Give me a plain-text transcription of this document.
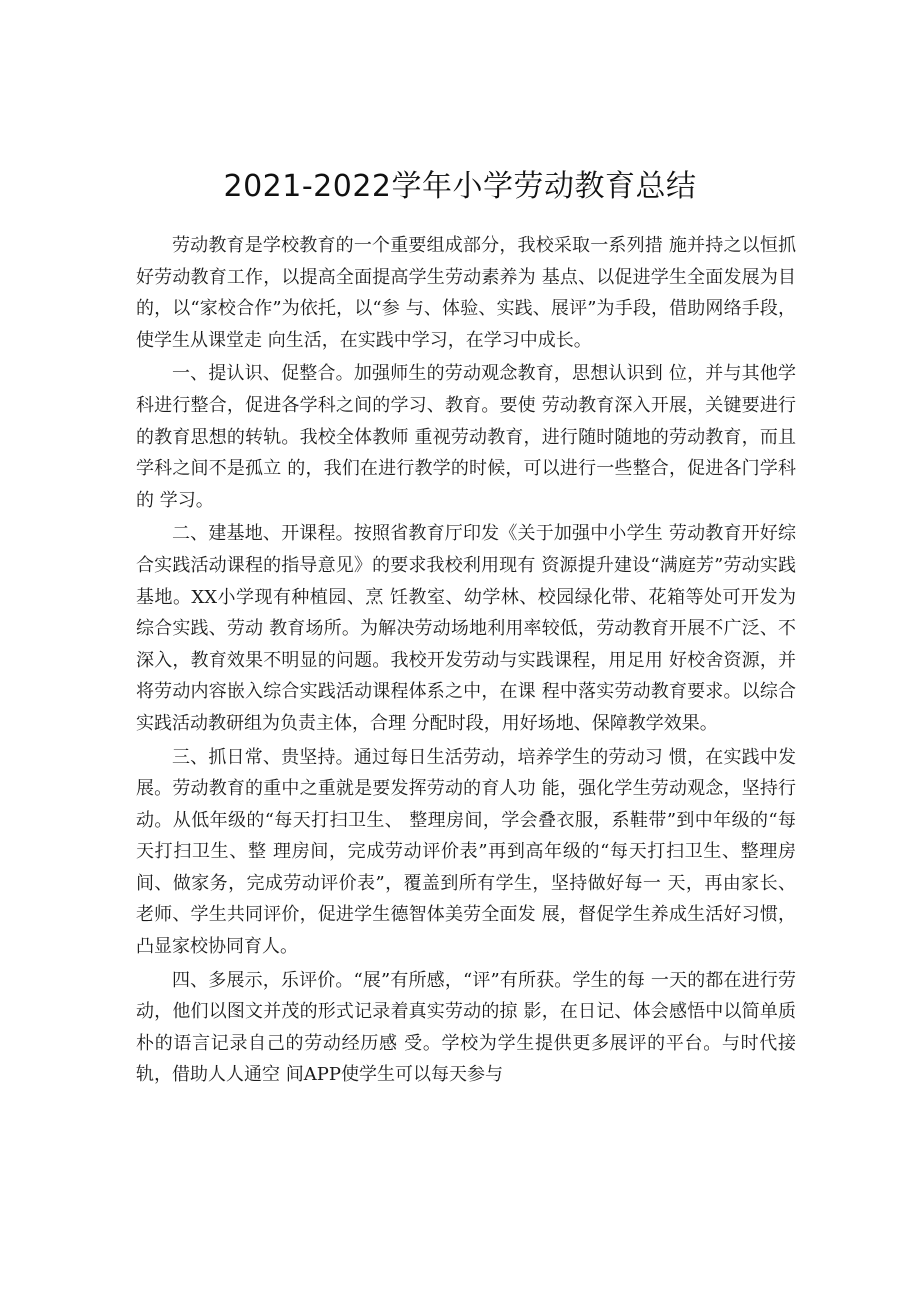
2021-2022学年小学劳动教育总结

劳动教育是学校教育的一个重要组成部分，我校采取一系列措 施并持之以恒抓好劳动教育工作，以提高全面提高学生劳动素养为 基点、以促进学生全面发展为目的，以“家校合作”为依托，以“参 与、体验、实践、展评”为手段，借助网络手段，使学生从课堂走 向生活，在实践中学习，在学习中成长。

一、提认识、促整合。加强师生的劳动观念教育，思想认识到 位，并与其他学科进行整合，促进各学科之间的学习、教育。要使 劳动教育深入开展，关键要进行的教育思想的转轨。我校全体教师 重视劳动教育，进行随时随地的劳动教育，而且学科之间不是孤立 的，我们在进行教学的时候，可以进行一些整合，促进各门学科的 学习。

二、建基地、开课程。按照省教育厅印发《关于加强中小学生 劳动教育开好综合实践活动课程的指导意见》的要求我校利用现有 资源提升建设“满庭芳”劳动实践基地。XX小学现有种植园、烹 饪教室、幼学林、校园绿化带、花箱等处可开发为综合实践、劳动 教育场所。为解决劳动场地利用率较低，劳动教育开展不广泛、不 深入，教育效果不明显的问题。我校开发劳动与实践课程，用足用 好校舍资源，并将劳动内容嵌入综合实践活动课程体系之中，在课 程中落实劳动教育要求。以综合实践活动教研组为负责主体，合理 分配时段，用好场地、保障教学效果。

三、抓日常、贵坚持。通过每日生活劳动，培养学生的劳动习 惯，在实践中发展。劳动教育的重中之重就是要发挥劳动的育人功 能，强化学生劳动观念，坚持行动。从低年级的“每天打扫卫生、 整理房间，学会叠衣服，系鞋带”到中年级的“每天打扫卫生、整 理房间，完成劳动评价表”再到高年级的“每天打扫卫生、整理房 间、做家务，完成劳动评价表”，覆盖到所有学生，坚持做好每一 天，再由家长、老师、学生共同评价，促进学生德智体美劳全面发 展，督促学生养成生活好习惯，凸显家校协同育人。

四、多展示，乐评价。“展”有所感，“评”有所获。学生的每 一天的都在进行劳动，他们以图文并茂的形式记录着真实劳动的掠 影，在日记、体会感悟中以简单质朴的语言记录自己的劳动经历感 受。学校为学生提供更多展评的平台。与时代接轨，借助人人通空 间APP使学生可以每天参与
